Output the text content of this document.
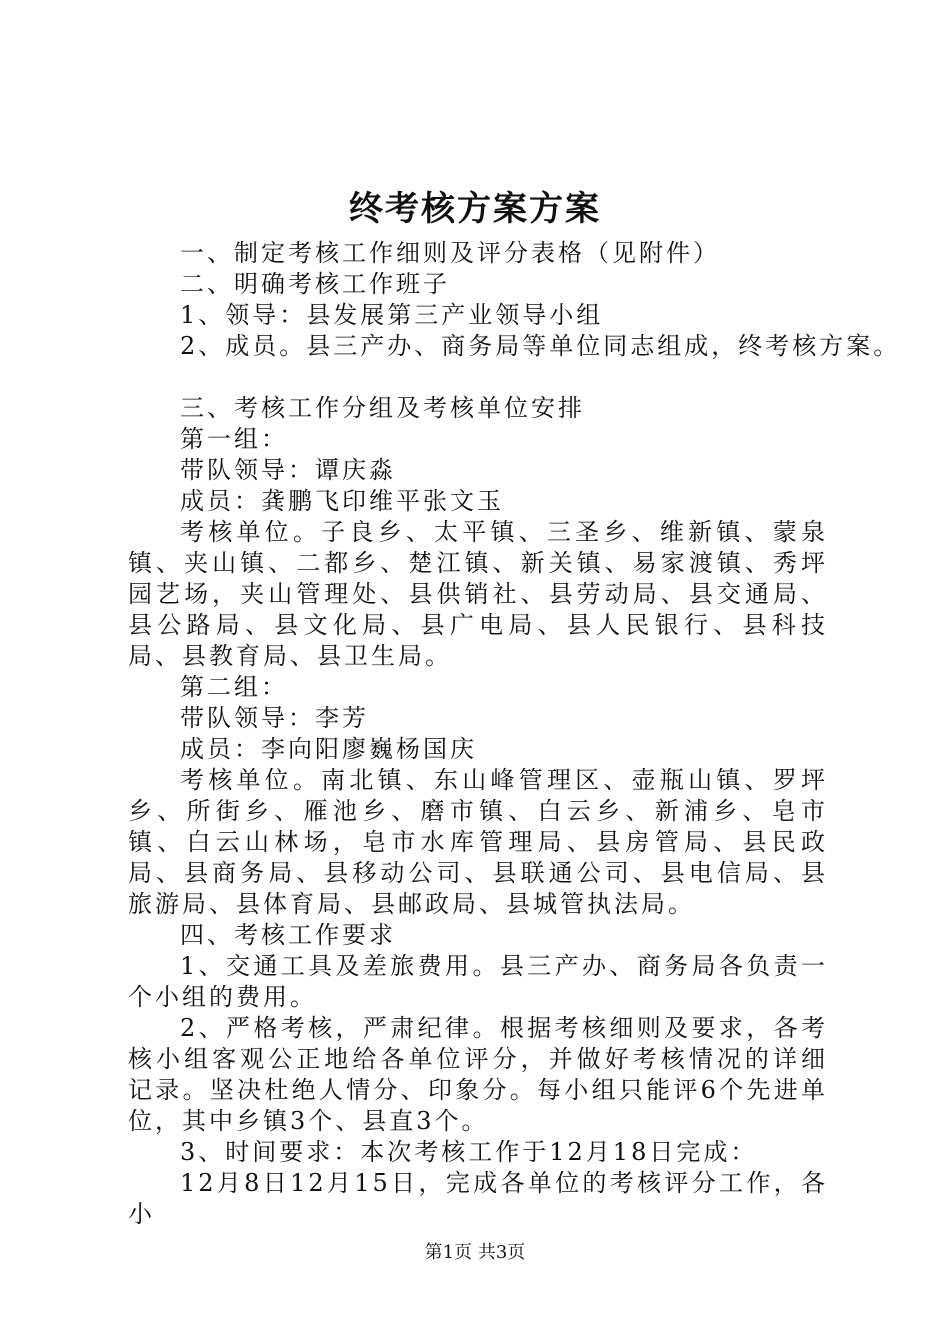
终考核方案方案

一、制定考核工作细则及评分表格（见附件）

二、明确考核工作班子

1、领导：县发展第三产业领导小组

2、成员。县三产办、商务局等单位同志组成，终考核方案。

三、考核工作分组及考核单位安排

第一组：

带队领导：谭庆淼

成员：龚鹏飞印维平张文玉

考核单位。子良乡、太平镇、三圣乡、维新镇、蒙泉镇、夹山镇、二都乡、楚江镇、新关镇、易家渡镇、秀坪园艺场，夹山管理处、县供销社、县劳动局、县交通局、县公路局、县文化局、县广电局、县人民银行、县科技局、县教育局、县卫生局。

第二组：

带队领导：李芳

成员：李向阳廖巍杨国庆

考核单位。南北镇、东山峰管理区、壶瓶山镇、罗坪乡、所街乡、雁池乡、磨市镇、白云乡、新浦乡、皂市镇、白云山林场，皂市水库管理局、县房管局、县民政局、县商务局、县移动公司、县联通公司、县电信局、县旅游局、县体育局、县邮政局、县城管执法局。

四、考核工作要求

1、交通工具及差旅费用。县三产办、商务局各负责一个小组的费用。

2、严格考核，严肃纪律。根据考核细则及要求，各考核小组客观公正地给各单位评分，并做好考核情况的详细记录。坚决杜绝人情分、印象分。每小组只能评6个先进单位，其中乡镇3个、县直3个。

3、时间要求：本次考核工作于12月18日完成：

12月8日12月15日，完成各单位的考核评分工作，各小

第1页 共3页
